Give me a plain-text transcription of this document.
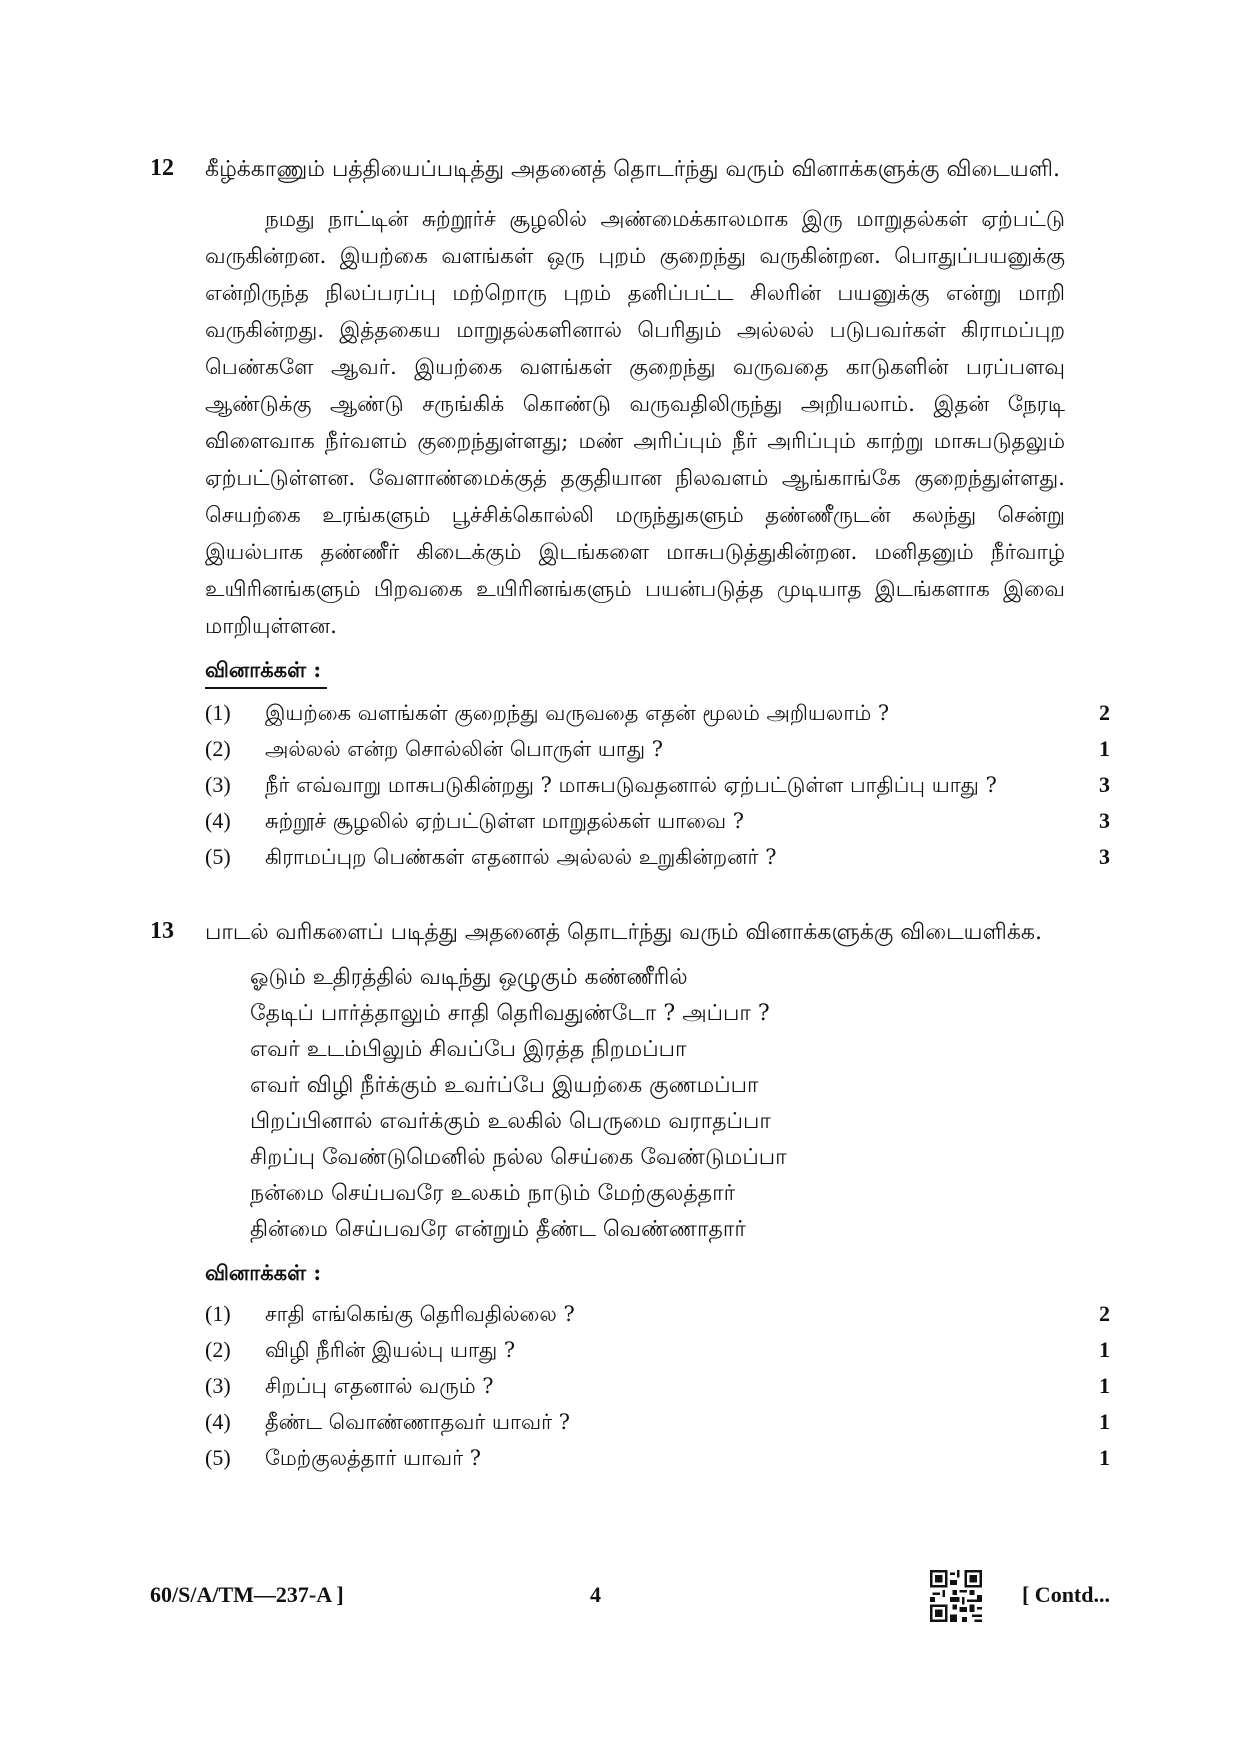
12 கீழ்க்காணும் பத்தியைப்படித்து அதனைத் தொடர்ந்து வரும் வினாக்களுக்கு விடையளி.
நமது நாட்டின் சுற்றூர்ச் சூழலில் அண்மைக்காலமாக இரு மாறுதல்கள் ஏற்பட்டு வருகின்றன. இயற்கை வளங்கள் ஒரு புறம் குறைந்து வருகின்றன. பொதுப்பயனுக்கு என்றிருந்த நிலப்பரப்பு மற்றொரு புறம் தனிப்பட்ட சிலரின் பயனுக்கு என்று மாறி வருகின்றது. இத்தகைய மாறுதல்களினால் பெரிதும் அல்லல் படுபவர்கள் கிராமப்புற பெண்களே ஆவர். இயற்கை வளங்கள் குறைந்து வருவதை காடுகளின் பரப்பளவு ஆண்டுக்கு ஆண்டு சருங்கிக் கொண்டு வருவதிலிருந்து அறியலாம். இதன் நேரடி விளைவாக நீர்வளம் குறைந்துள்ளது; மண் அரிப்பும் நீர் அரிப்பும் காற்று மாசுபடுதலும் ஏற்பட்டுள்ளன. வேளாண்மைக்குத் தகுதியான நிலவளம் ஆங்காங்கே குறைந்துள்ளது. செயற்கை உரங்களும் பூச்சிக்கொல்லி மருந்துகளும் தண்ணீருடன் கலந்து சென்று இயல்பாக தண்ணீர் கிடைக்கும் இடங்களை மாசுபடுத்துகின்றன. மனிதனும் நீர்வாழ் உயிரினங்களும் பிறவகை உயிரினங்களும் பயன்படுத்த முடியாத இடங்களாக இவை மாறியுள்ளன.
வினாக்கள் :
(1) இயற்கை வளங்கள் குறைந்து வருவதை எதன் மூலம் அறியலாம் ?	2
(2) அல்லல் என்ற சொல்லின் பொருள் யாது ?	1
(3) நீர் எவ்வாறு மாசுபடுகின்றது ? மாசுபடுவதனால் ஏற்பட்டுள்ள பாதிப்பு யாது ?	3
(4) சுற்றூச் சூழலில் ஏற்பட்டுள்ள மாறுதல்கள் யாவை ?	3
(5) கிராமப்புற பெண்கள் எதனால் அல்லல் உறுகின்றனர் ?	3
13 பாடல் வரிகளைப் படித்து அதனைத் தொடர்ந்து வரும் வினாக்களுக்கு விடையளிக்க.
ஓடும் உதிரத்தில் வடிந்து ஒழுகும் கண்ணீரில்
தேடிப் பார்த்தாலும் சாதி தெரிவதுண்டோ ? அப்பா ?
எவர் உடம்பிலும் சிவப்பே இரத்த நிறமப்பா
எவர் விழி நீர்க்கும் உவர்ப்பே இயற்கை குணமப்பா
பிறப்பினால் எவர்க்கும் உலகில் பெருமை வராதப்பா
சிறப்பு வேண்டுமெனில் நல்ல செய்கை வேண்டுமப்பா
நன்மை செய்பவரே உலகம் நாடும் மேற்குலத்தார்
தின்மை செய்பவரே என்றும் தீண்ட வெண்ணாதார்
வினாக்கள் :
(1) சாதி எங்கெங்கு தெரிவதில்லை ?	2
(2) விழி நீரின் இயல்பு யாது ?	1
(3) சிறப்பு எதனால் வரும் ?	1
(4) தீண்ட வொண்ணாதவர் யாவர் ?	1
(5) மேற்குலத்தார் யாவர் ?	1
60/S/A/TM—237-A ]	4	[ Contd...
